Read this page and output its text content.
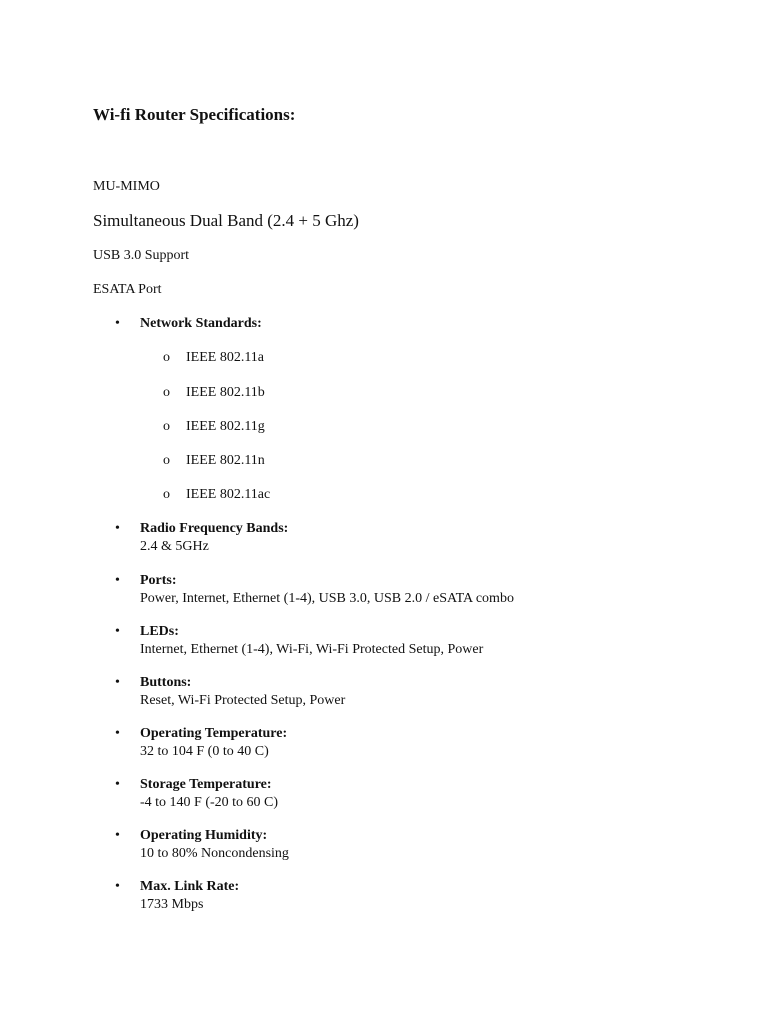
Wi-fi Router Specifications:

MU-MIMO

Simultaneous Dual Band (2.4 + 5 Ghz)

USB 3.0 Support

ESATA Port

• Network Standards:
o IEEE 802.11a
o IEEE 802.11b
o IEEE 802.11g
o IEEE 802.11n
o IEEE 802.11ac
• Radio Frequency Bands:
2.4 & 5GHz
• Ports:
Power, Internet, Ethernet (1-4), USB 3.0, USB 2.0 / eSATA combo
• LEDs:
Internet, Ethernet (1-4), Wi-Fi, Wi-Fi Protected Setup, Power
• Buttons:
Reset, Wi-Fi Protected Setup, Power
• Operating Temperature:
32 to 104 F (0 to 40 C)
• Storage Temperature:
-4 to 140 F (-20 to 60 C)
• Operating Humidity:
10 to 80% Noncondensing
• Max. Link Rate:
1733 Mbps
